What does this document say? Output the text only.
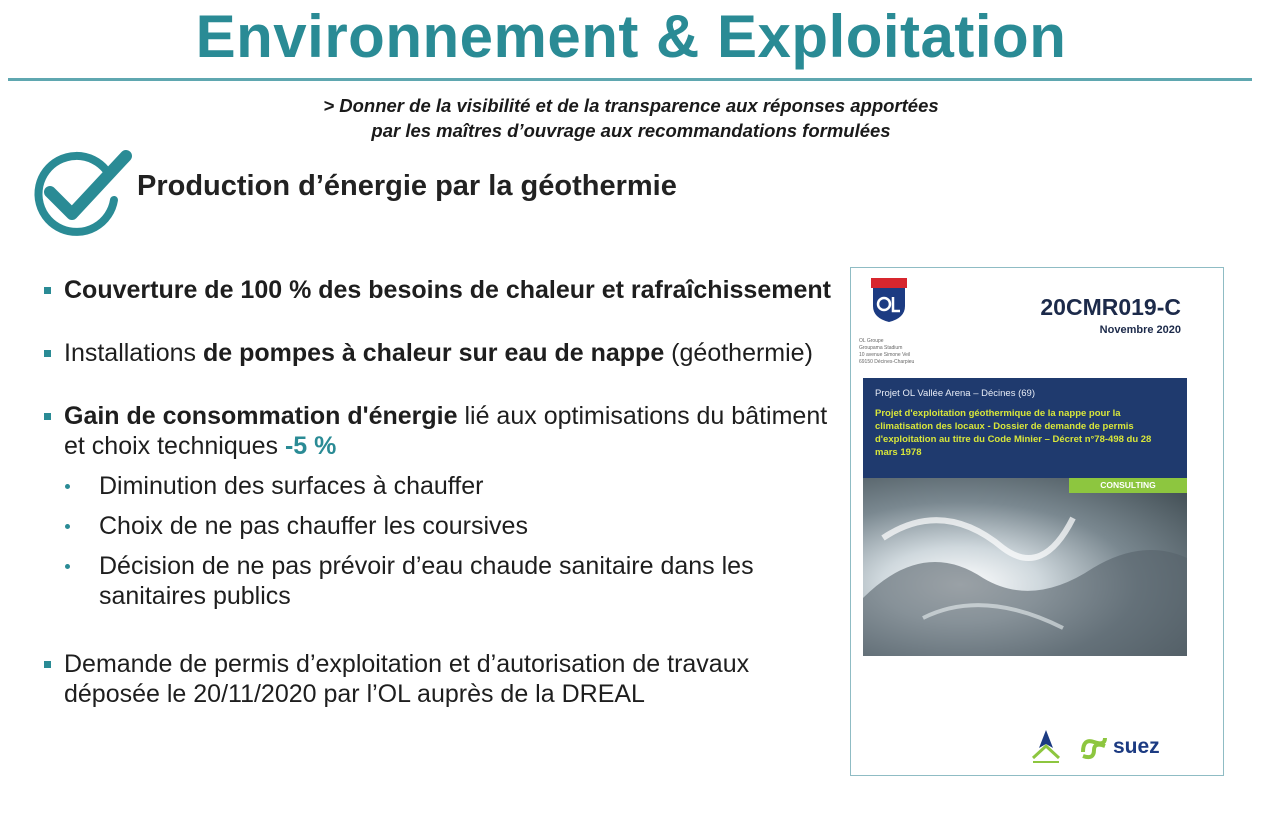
Environnement & Exploitation
> Donner de la visibilité et de la transparence aux réponses apportées
par les maîtres d’ouvrage aux recommandations formulées
Production d’énergie par la géothermie
Couverture de 100 % des besoins de chaleur et rafraîchissement
Installations de pompes à chaleur sur eau de nappe (géothermie)
Gain de consommation d'énergie lié aux optimisations du bâtiment et choix techniques -5 %
Diminution des surfaces à chauffer
Choix de ne pas chauffer les coursives
Décision de ne pas prévoir d’eau chaude sanitaire dans les sanitaires publics
Demande de permis d’exploitation et d’autorisation de travaux déposée le 20/11/2020 par l’OL auprès de la DREAL
20CMR019-C
Novembre 2020
OL Groupe
Groupama Stadium
10 avenue Simone Veil
69150 Décines-Charpieu
Projet OL Vallée Arena – Décines (69)
Projet d'exploitation géothermique de la nappe pour la climatisation des locaux - Dossier de demande de permis d'exploitation au titre du Code Minier – Décret n°78-498 du 28 mars 1978
CONSULTING

suez
